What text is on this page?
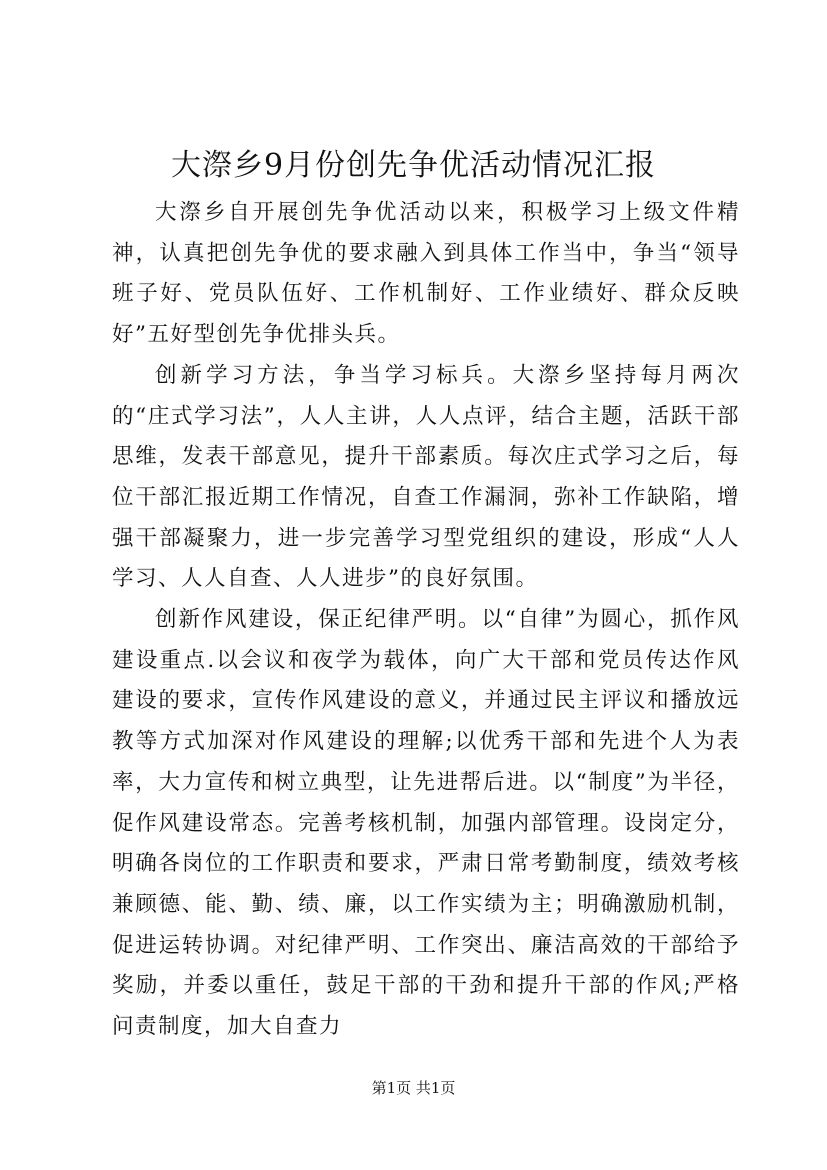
大漈乡9月份创先争优活动情况汇报

大漈乡自开展创先争优活动以来，积极学习上级文件精神，认真把创先争优的要求融入到具体工作当中，争当“领导班子好、党员队伍好、工作机制好、工作业绩好、群众反映好”五好型创先争优排头兵。

创新学习方法，争当学习标兵。大漈乡坚持每月两次的“庄式学习法”，人人主讲，人人点评，结合主题，活跃干部思维，发表干部意见，提升干部素质。每次庄式学习之后，每位干部汇报近期工作情况，自查工作漏洞，弥补工作缺陷，增强干部凝聚力，进一步完善学习型党组织的建设，形成“人人学习、人人自查、人人进步”的良好氛围。

创新作风建设，保正纪律严明。以“自律”为圆心，抓作风建设重点.以会议和夜学为载体，向广大干部和党员传达作风建设的要求，宣传作风建设的意义，并通过民主评议和播放远教等方式加深对作风建设的理解;以优秀干部和先进个人为表率，大力宣传和树立典型，让先进帮后进。以“制度”为半径，促作风建设常态。完善考核机制，加强内部管理。设岗定分，明确各岗位的工作职责和要求，严肃日常考勤制度，绩效考核兼顾德、能、勤、绩、廉，以工作实绩为主；明确激励机制，促进运转协调。对纪律严明、工作突出、廉洁高效的干部给予奖励，并委以重任，鼓足干部的干劲和提升干部的作风;严格问责制度，加大自查力

第1页 共1页
